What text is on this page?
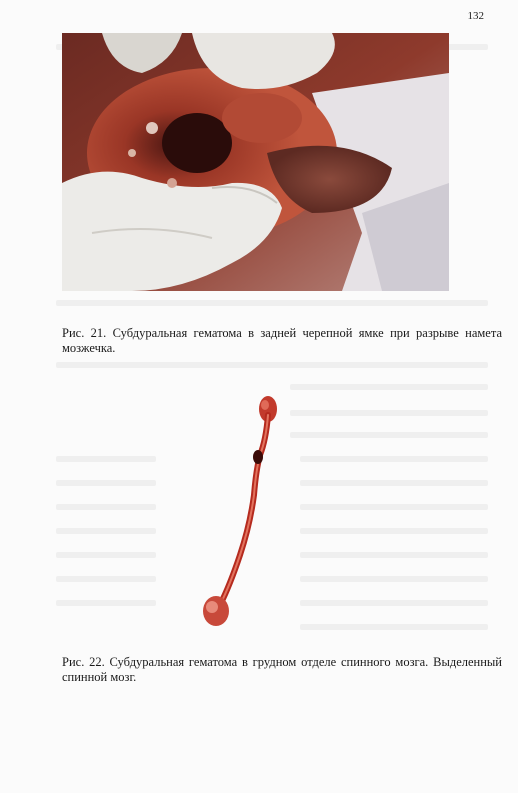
132
Рис. 21. Субдуральная гематома в задней черепной ямке при разрыве намета мозжечка.
Рис. 22. Субдуральная гематома в грудном отделе спинного мозга. Выделенный спинной мозг.
